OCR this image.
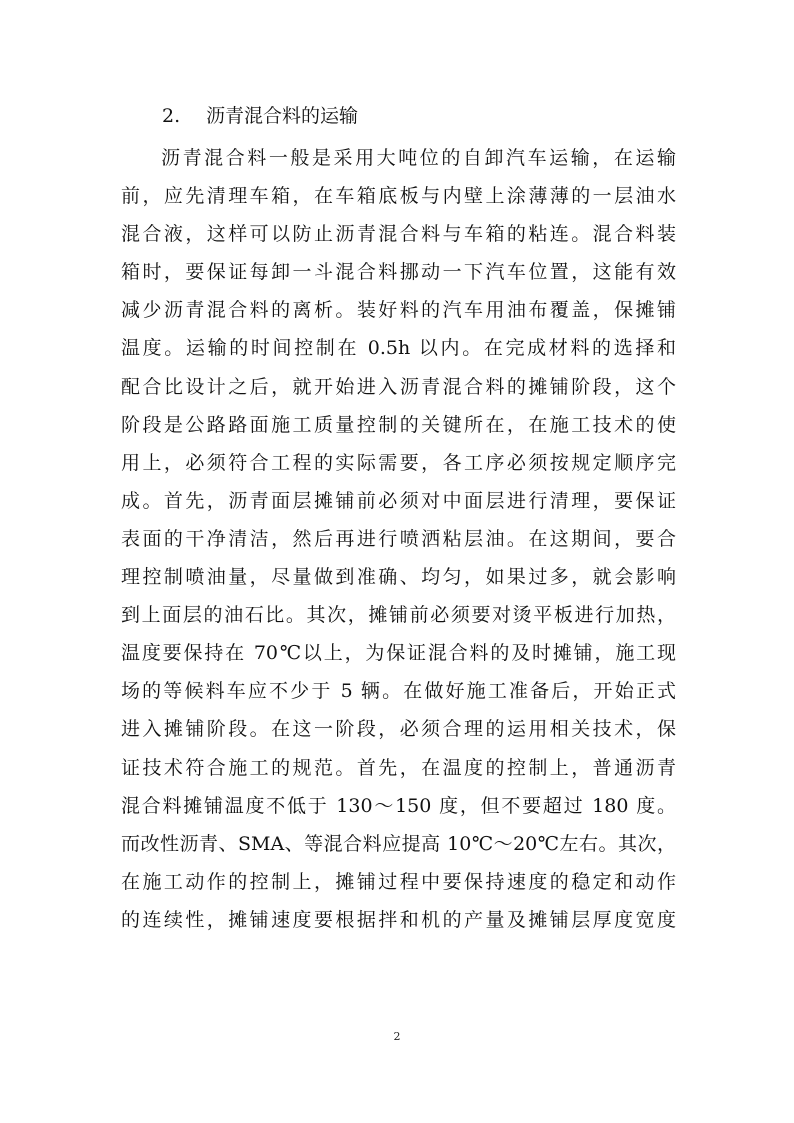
2. 沥青混合料的运输
沥青混合料一般是采用大吨位的自卸汽车运输，在运输
前，应先清理车箱，在车箱底板与内壁上涂薄薄的一层油水
混合液，这样可以防止沥青混合料与车箱的粘连。混合料装
箱时，要保证每卸一斗混合料挪动一下汽车位置，这能有效
减少沥青混合料的离析。装好料的汽车用油布覆盖，保摊铺
温度。运输的时间控制在 0.5h 以内。在完成材料的选择和
配合比设计之后，就开始进入沥青混合料的摊铺阶段，这个
阶段是公路路面施工质量控制的关键所在，在施工技术的使
用上，必须符合工程的实际需要，各工序必须按规定顺序完
成。首先，沥青面层摊铺前必须对中面层进行清理，要保证
表面的干净清洁，然后再进行喷洒粘层油。在这期间，要合
理控制喷油量，尽量做到准确、均匀，如果过多，就会影响
到上面层的油石比。其次，摊铺前必须要对烫平板进行加热，
温度要保持在 70℃以上，为保证混合料的及时摊铺，施工现
场的等候料车应不少于 5 辆。在做好施工准备后，开始正式
进入摊铺阶段。在这一阶段，必须合理的运用相关技术，保
证技术符合施工的规范。首先，在温度的控制上，普通沥青
混合料摊铺温度不低于 130～150 度，但不要超过 180 度。
而改性沥青、SMA、等混合料应提高 10℃～20℃左右。其次，
在施工动作的控制上，摊铺过程中要保持速度的稳定和动作
的连续性，摊铺速度要根据拌和机的产量及摊铺层厚度宽度
2
